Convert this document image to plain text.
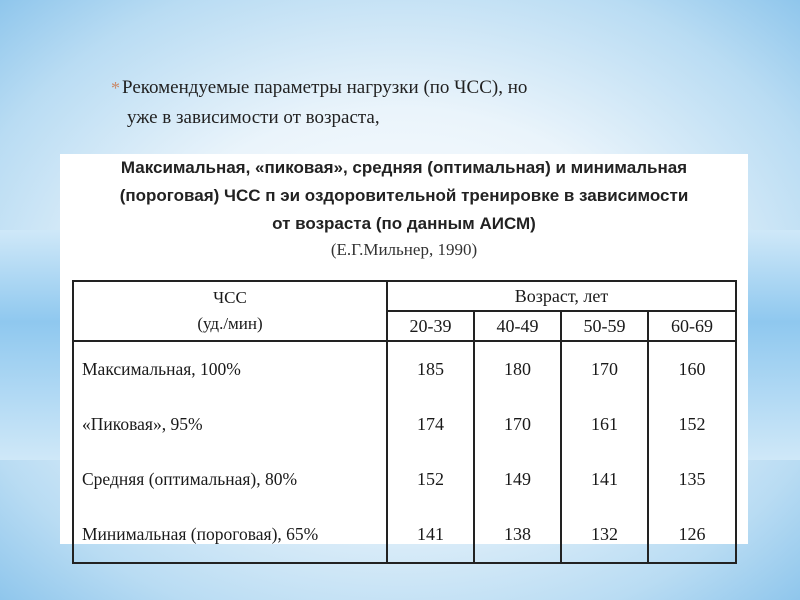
* Рекомендуемые параметры нагрузки (по ЧСС), но
уже в зависимости от возраста,
Максимальная, «пиковая», средняя (оптимальная) и минимальная
(пороговая) ЧСС п эи оздоровительной тренировке в зависимости
от возраста (по данным АИСМ)
(Е.Г.Мильнер, 1990)
ЧСС
(уд./мин)	Возраст, лет			
	20-39	40-49	50-59	60-69
Максимальная, 100%	185	180	170	160
«Пиковая», 95%	174	170	161	152
Средняя (оптимальная), 80%	152	149	141	135
Минимальная (пороговая), 65%	141	138	132	126
